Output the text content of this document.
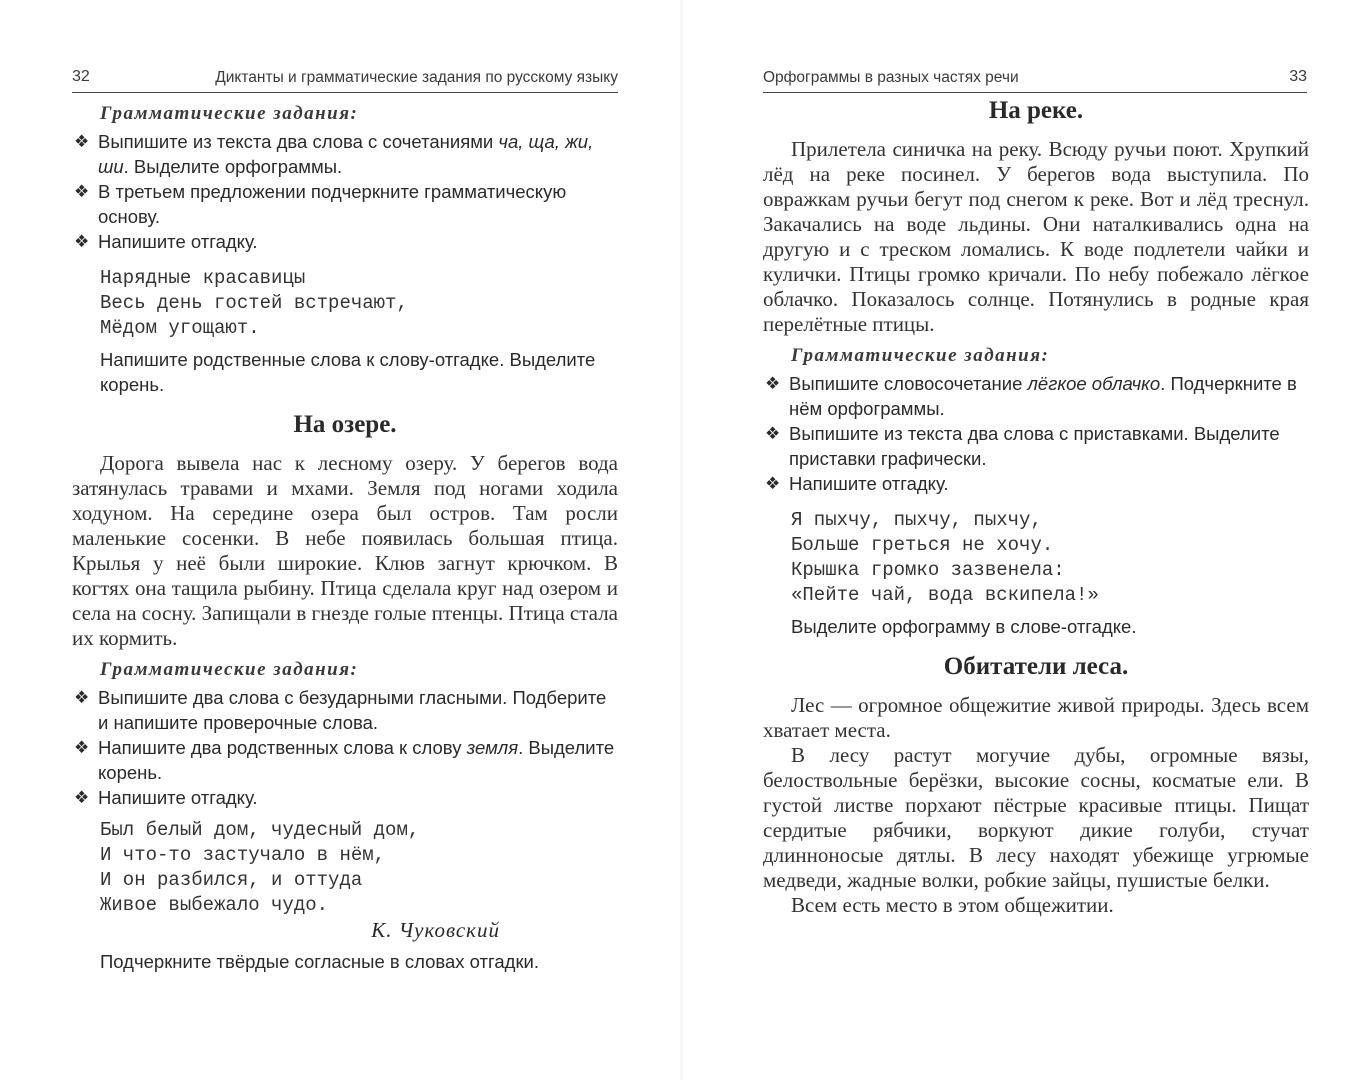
32	Диктанты и грамматические задания по русскому языку
Грамматические задания:
❖ Выпишите из текста два слова с сочетаниями ча, ща, жи, ши. Выделите орфограммы.
❖ В третьем предложении подчеркните грамматическую основу.
❖ Напишите отгадку.
Нарядные красавицы
Весь день гостей встречают,
Мёдом угощают.
Напишите родственные слова к слову-отгадке. Выделите корень.
На озере.

Дорога вывела нас к лесному озеру. У берегов вода затянулась травами и мхами. Земля под ногами ходила ходуном. На середине озера был остров. Там росли маленькие сосенки. В небе появилась большая птица. Крылья у неё были широкие. Клюв загнут крючком. В когтях она тащила рыбину. Птица сделала круг над озером и села на сосну. Запищали в гнезде голые птенцы. Птица стала их кормить.

Грамматические задания:
❖ Выпишите два слова с безударными гласными. Подберите и напишите проверочные слова.
❖ Напишите два родственных слова к слову земля. Выделите корень.
❖ Напишите отгадку.
Был белый дом, чудесный дом,
И что-то застучало в нём,
И он разбился, и оттуда
Живое выбежало чудо.
К. Чуковский
Подчеркните твёрдые согласные в словах отгадки.
Орфограммы в разных частях речи	33
На реке.

Прилетела синичка на реку. Всюду ручьи поют. Хрупкий лёд на реке посинел. У берегов вода выступила. По овражкам ручьи бегут под снегом к реке. Вот и лёд треснул. Закачались на воде льдины. Они наталкивались одна на другую и с треском ломались. К воде подлетели чайки и кулички. Птицы громко кричали. По небу побежало лёгкое облачко. Показалось солнце. Потянулись в родные края перелётные птицы.

Грамматические задания:
❖ Выпишите словосочетание лёгкое облачко. Подчеркните в нём орфограммы.
❖ Выпишите из текста два слова с приставками. Выделите приставки графически.
❖ Напишите отгадку.
Я пыхчу, пыхчу, пыхчу,
Больше греться не хочу.
Крышка громко зазвенела:
«Пейте чай, вода вскипела!»
Выделите орфограмму в слове-отгадке.
Обитатели леса.

Лес — огромное общежитие живой природы. Здесь всем хватает места.

В лесу растут могучие дубы, огромные вязы, белоствольные берёзки, высокие сосны, косматые ели. В густой листве порхают пёстрые красивые птицы. Пищат сердитые рябчики, воркуют дикие голуби, стучат длинноносые дятлы. В лесу находят убежище угрюмые медведи, жадные волки, робкие зайцы, пушистые белки.

Всем есть место в этом общежитии.
